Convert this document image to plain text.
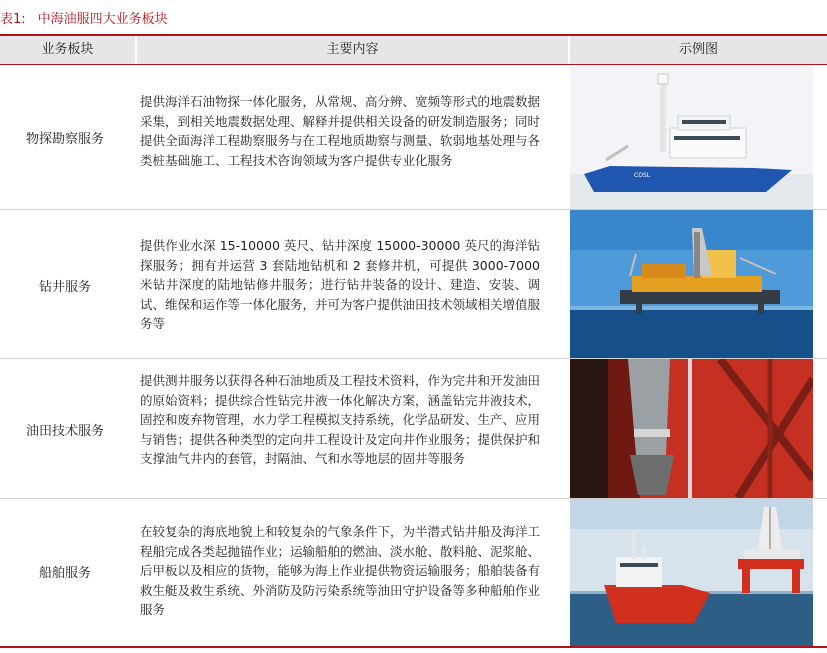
表1: 中海油服四大业务板块
业务板块	主要内容	示例图
物探勘察服务
提供海洋石油物探一体化服务，从常规、高分辨、宽频等形式的地震数据采集，到相关地震数据处理、解释并提供相关设备的研发制造服务；同时提供全面海洋工程勘察服务与在工程地质勘察与测量、软弱地基处理与各类桩基础施工、工程技术咨询领域为客户提供专业化服务
COSL
钻井服务
提供作业水深 15-10000 英尺、钻井深度 15000-30000 英尺的海洋钻探服务；拥有并运营 3 套陆地钻机和 2 套修井机，可提供 3000-7000 米钻井深度的陆地钻修井服务；进行钻井装备的设计、建造、安装、调试、维保和运作等一体化服务，并可为客户提供油田技术领域相关增值服务等
油田技术服务
提供测井服务以获得各种石油地质及工程技术资料，作为完井和开发油田的原始资料；提供综合性钻完井液一体化解决方案，涵盖钻完井液技术，固控和废弃物管理，水力学工程模拟支持系统，化学品研发、生产、应用与销售；提供各种类型的定向井工程设计及定向井作业服务；提供保护和支撑油气井内的套管，封隔油、气和水等地层的固井等服务
船舶服务
在较复杂的海底地貌上和较复杂的气象条件下，为半潜式钻井船及海洋工程船完成各类起抛锚作业；运输船舶的燃油、淡水舱、散料舱、泥浆舱、后甲板以及相应的货物，能够为海上作业提供物资运输服务；船舶装备有救生艇及救生系统、外消防及防污染系统等油田守护设备等多种船舶作业服务
